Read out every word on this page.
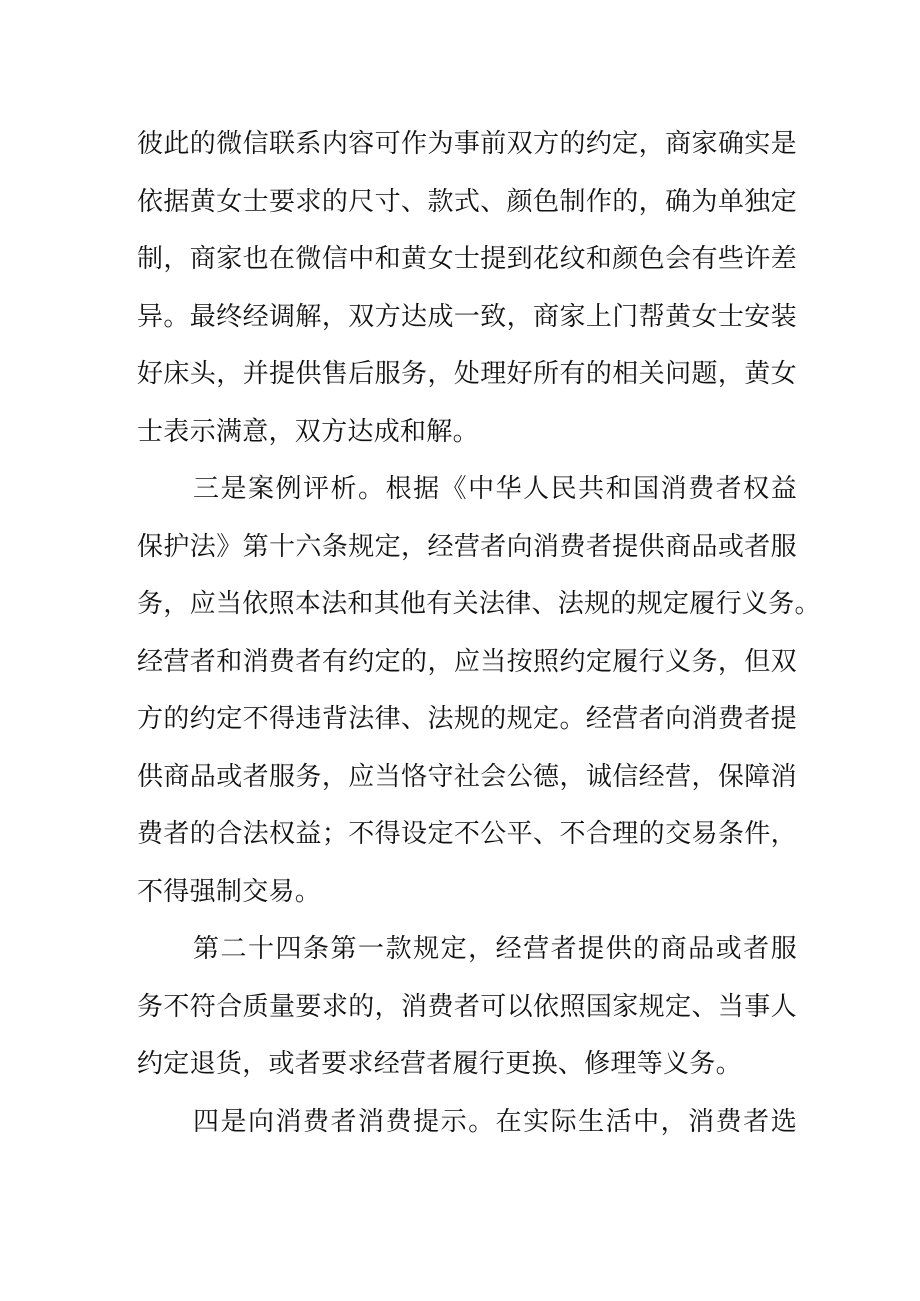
彼此的微信联系内容可作为事前双方的约定，商家确实是
依据黄女士要求的尺寸、款式、颜色制作的，确为单独定
制，商家也在微信中和黄女士提到花纹和颜色会有些许差
异。最终经调解，双方达成一致，商家上门帮黄女士安装
好床头，并提供售后服务，处理好所有的相关问题，黄女
士表示满意，双方达成和解。
三是案例评析。根据《中华人民共和国消费者权益
保护法》第十六条规定，经营者向消费者提供商品或者服
务，应当依照本法和其他有关法律、法规的规定履行义务。
经营者和消费者有约定的，应当按照约定履行义务，但双
方的约定不得违背法律、法规的规定。经营者向消费者提
供商品或者服务，应当恪守社会公德，诚信经营，保障消
费者的合法权益；不得设定不公平、不合理的交易条件，
不得强制交易。
第二十四条第一款规定，经营者提供的商品或者服
务不符合质量要求的，消费者可以依照国家规定、当事人
约定退货，或者要求经营者履行更换、修理等义务。
四是向消费者消费提示。在实际生活中，消费者选
